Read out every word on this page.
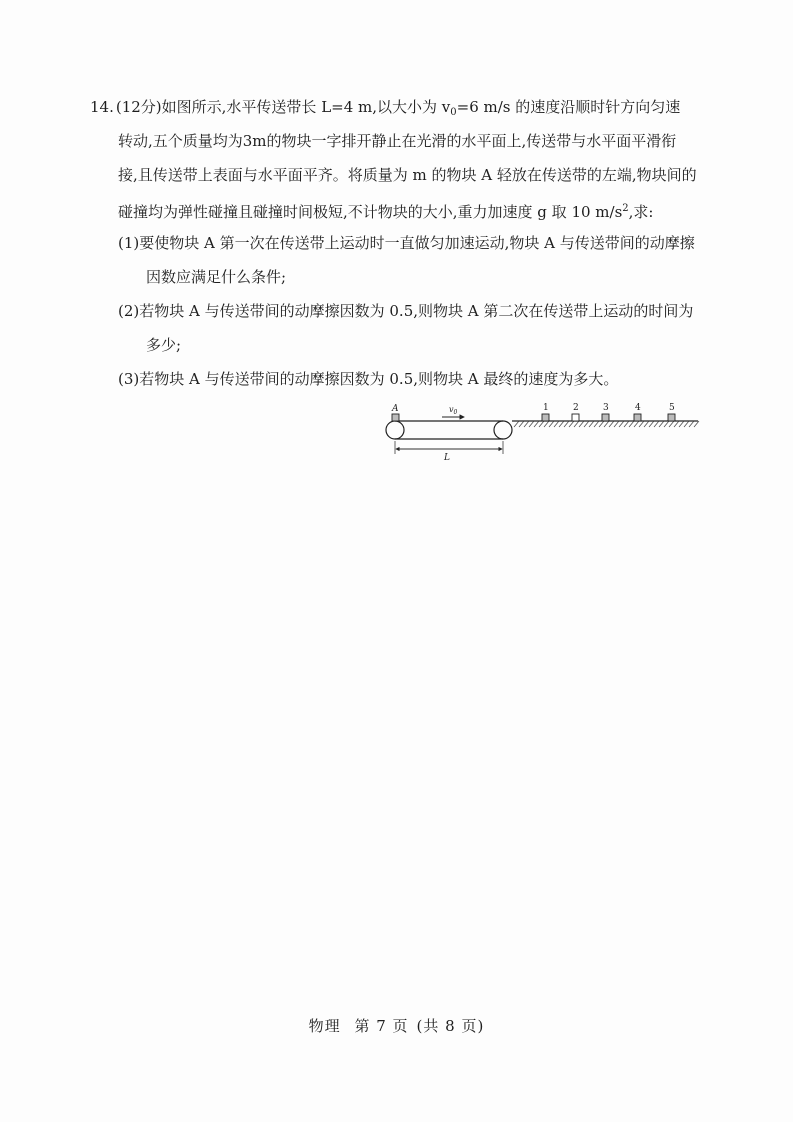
14. (12分)如图所示,水平传送带长 L=4 m,以大小为 $v_0=6$ m/s 的速度沿顺时针方向匀速
转动,五个质量均为3m的物块一字排开静止在光滑的水平面上,传送带与水平面平滑衔
接,且传送带上表面与水平面平齐。将质量为 m 的物块 A 轻放在传送带的左端,物块间的
碰撞均为弹性碰撞且碰撞时间极短,不计物块的大小,重力加速度 g 取 10 $m/s^2$,求:
(1)要使物块 A 第一次在传送带上运动时一直做匀加速运动,物块 A 与传送带间的动摩擦
因数应满足什么条件;
(2)若物块 A 与传送带间的动摩擦因数为 0.5,则物块 A 第二次在传送带上运动的时间为
多少;
(3)若物块 A 与传送带间的动摩擦因数为 0.5,则物块 A 最终的速度为多大。
A	$v_0$
L
1	2	3	4	5
物理 第 7 页 (共 8 页)
